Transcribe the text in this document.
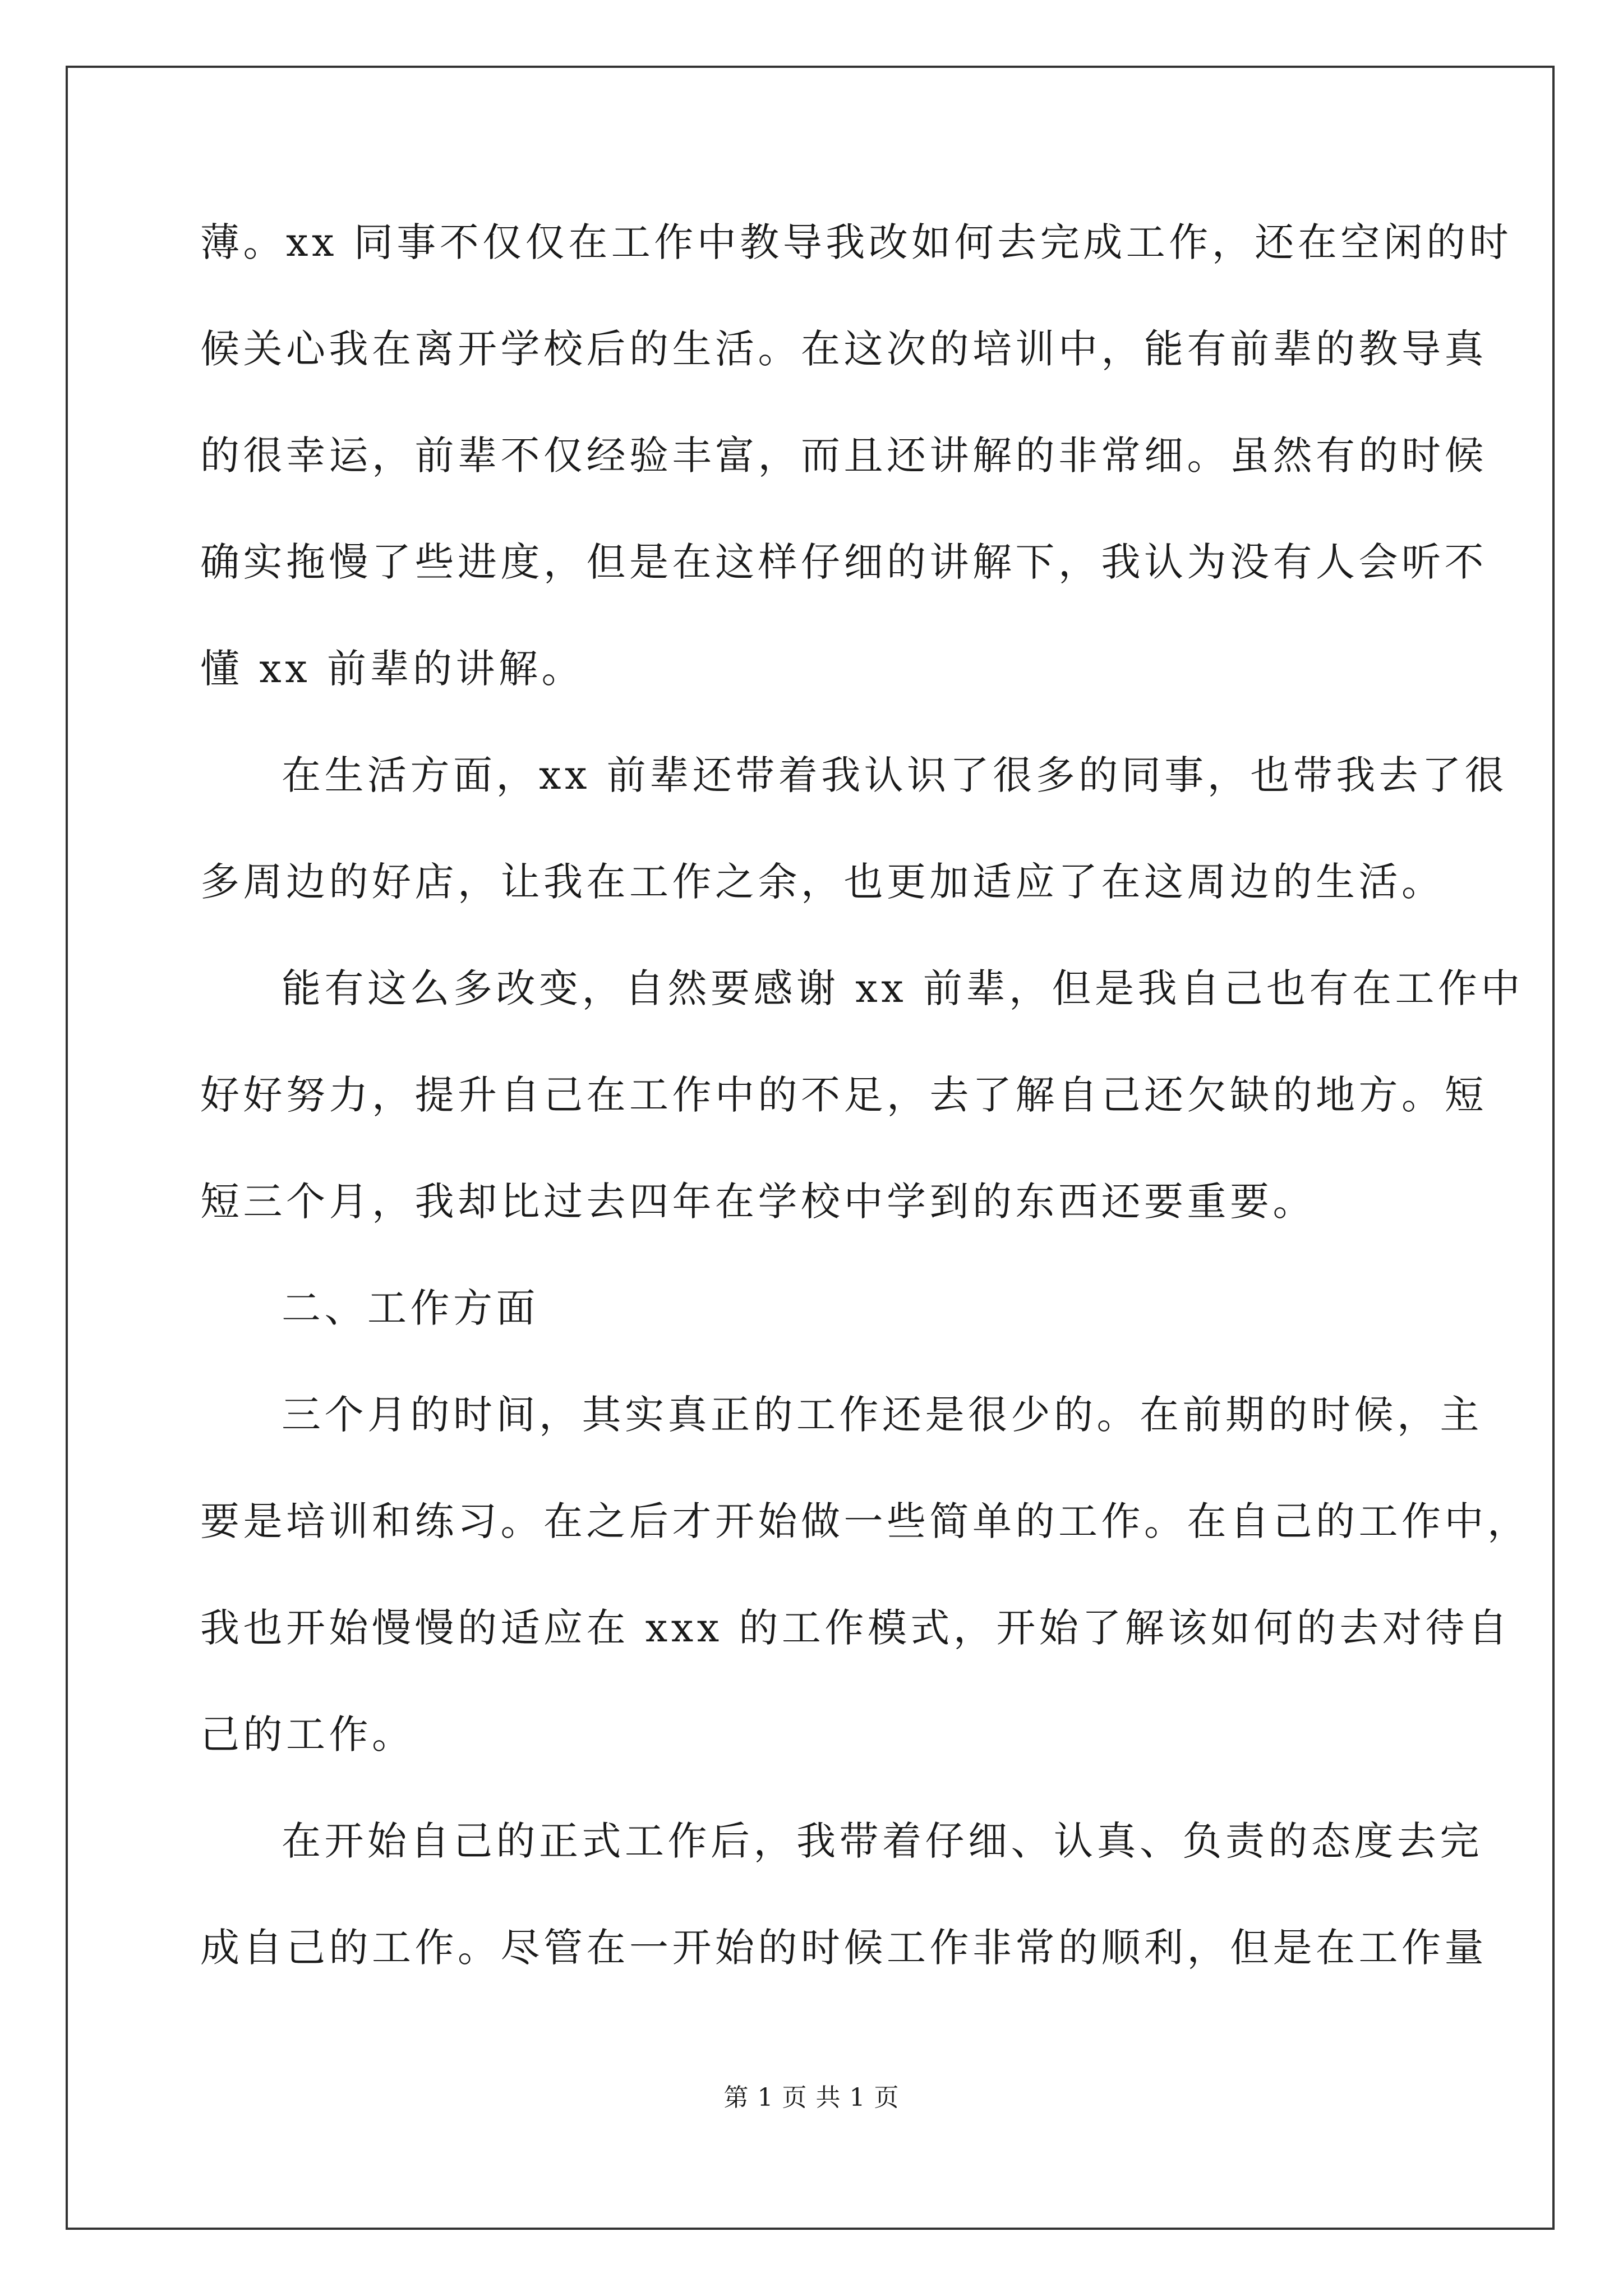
薄。xx 同事不仅仅在工作中教导我改如何去完成工作，还在空闲的时
候关心我在离开学校后的生活。在这次的培训中，能有前辈的教导真
的很幸运，前辈不仅经验丰富，而且还讲解的非常细。虽然有的时候
确实拖慢了些进度，但是在这样仔细的讲解下，我认为没有人会听不
懂 xx 前辈的讲解。
在生活方面，xx 前辈还带着我认识了很多的同事，也带我去了很
多周边的好店，让我在工作之余，也更加适应了在这周边的生活。
能有这么多改变，自然要感谢 xx 前辈，但是我自己也有在工作中
好好努力，提升自己在工作中的不足，去了解自己还欠缺的地方。短
短三个月，我却比过去四年在学校中学到的东西还要重要。
二、工作方面
三个月的时间，其实真正的工作还是很少的。在前期的时候，主
要是培训和练习。在之后才开始做一些简单的工作。在自己的工作中，
我也开始慢慢的适应在 xxx 的工作模式，开始了解该如何的去对待自
己的工作。
在开始自己的正式工作后，我带着仔细、认真、负责的态度去完
成自己的工作。尽管在一开始的时候工作非常的顺利，但是在工作量
第 1 页 共 1 页
